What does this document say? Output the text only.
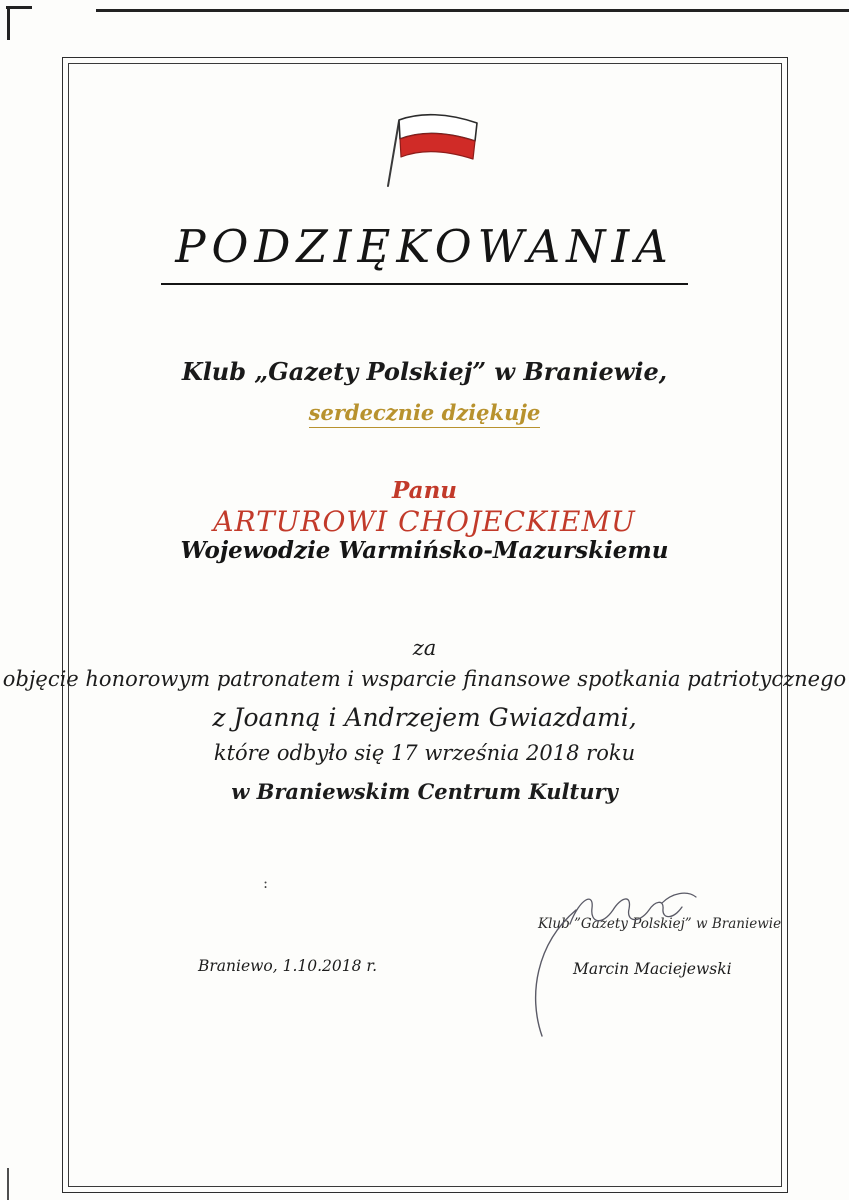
PODZIĘKOWANIA
Klub „Gazety Polskiej” w Braniewie,
serdecznie dziękuje
Panu
ARTUROWI CHOJECKIEMU
Wojewodzie Warmińsko-Mazurskiemu
za
objęcie honorowym patronatem i wsparcie finansowe spotkania patriotycznego
z Joanną i Andrzejem Gwiazdami,
które odbyło się 17 września 2018 roku
w Braniewskim Centrum Kultury
:
Klub ”Gazety Polskiej” w Braniewie
Braniewo, 1.10.2018 r.	Marcin Maciejewski
